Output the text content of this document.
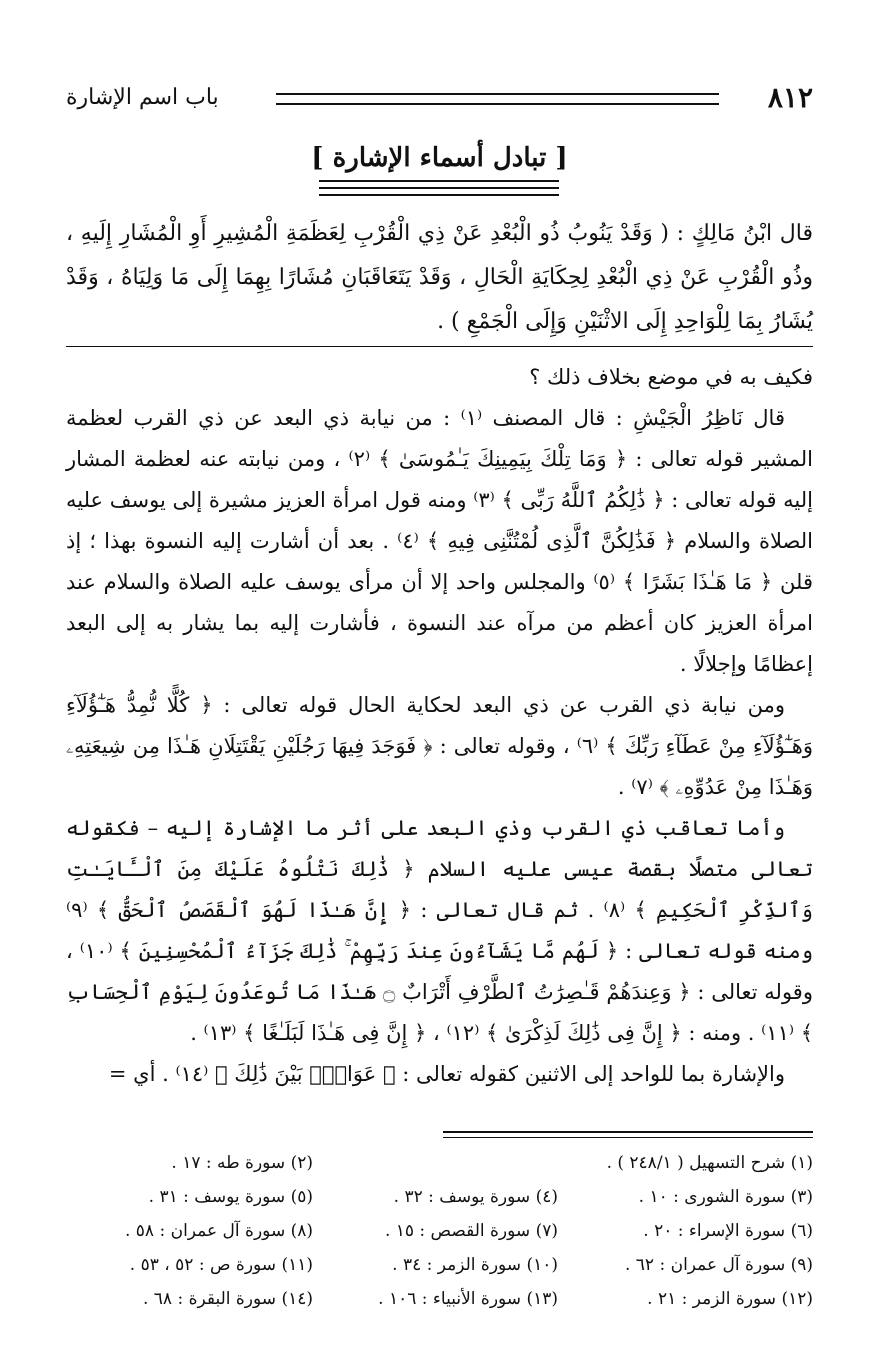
٨١٢
باب اسم الإشارة
[ تبادل أسماء الإشارة ]
قال ابْنُ مَالِكٍ : ( وَقَدْ يَنُوبُ ذُو الْبُعْدِ عَنْ ذِي الْقُرْبِ لِعَظَمَةِ الْمُشِيرِ أَوِ الْمُشَارِ إِلَيهِ ، وذُو الْقُرْبِ عَنْ ذِي الْبُعْدِ لِحِكَايَةِ الْحَالِ ، وَقَدْ يَتَعَاقَبَانِ مُشَارًا بِهِمَا إِلَى مَا وَلِيَاهُ ، وَقَدْ يُشَارُ بِمَا لِلْوَاحِدِ إِلَى الاثْنَيْنِ وَإِلَى الْجَمْعِ ) .

فكيف به في موضع بخلاف ذلك ؟

قال نَاظِرُ الْجَيْشِ : قال المصنف ⁽١⁾ : من نيابة ذي البعد عن ذي القرب لعظمة المشير قوله تعالى : ﴿ وَمَا تِلْكَ بِيَمِينِكَ يَـٰمُوسَىٰ ﴾ ⁽٢⁾ ، ومن نيابته عنه لعظمة المشار إليه قوله تعالى : ﴿ ذَٰلِكُمُ ٱللَّهُ رَبِّى ﴾ ⁽٣⁾ ومنه قول امرأة العزيز مشيرة إلى يوسف عليه الصلاة والسلام ﴿ فَذَٰلِكُنَّ ٱلَّذِى لُمْتُنَّنِى فِيهِ ﴾ ⁽٤⁾ . بعد أن أشارت إليه النسوة بهذا ؛ إذ قلن ﴿ مَا هَـٰذَا بَشَرًا ﴾ ⁽٥⁾ والمجلس واحد إلا أن مرأى يوسف عليه الصلاة والسلام عند امرأة العزيز كان أعظم من مرآه عند النسوة ، فأشارت إليه بما يشار به إلى البعد إعظامًا وإجلالًا .

ومن نيابة ذي القرب عن ذي البعد لحكاية الحال قوله تعالى : ﴿ كُلًّا نُّمِدُّ هَـٰٓؤُلَآءِ وَهَـٰٓؤُلَآءِ مِنْ عَطَآءِ رَبِّكَ ﴾ ⁽٦⁾ ، وقوله تعالى : ﴿ فَوَجَدَ فِيهَا رَجُلَيْنِ يَقْتَتِلَانِ هَـٰذَا مِن شِيعَتِهِۦ وَهَـٰذَا مِنْ عَدُوِّهِۦ ﴾ ⁽٧⁾ .

وأما تعاقب ذي القرب وذي البعد على أثر ما الإشارة إليه – فكقوله تعالى متصلًا بقصة عيسى عليه السلام ﴿ ذَٰلِكَ نَتْلُوهُ عَلَيْكَ مِنَ ٱلْـَٔايَـٰتِ وَٱلذِّكْرِ ٱلْحَكِيمِ ﴾ ⁽٨⁾ . ثم قال تعالى : ﴿ إِنَّ هَـٰذَا لَهُوَ ٱلْقَصَصُ ٱلْحَقُّ ﴾ ⁽٩⁾ ومنه قوله تعالى : ﴿ لَهُم مَّا يَشَآءُونَ عِندَ رَبِّهِمْ ۚ ذَٰلِكَ جَزَآءُ ٱلْمُحْسِنِينَ ﴾ ⁽١٠⁾ ، وقوله تعالى : ﴿ وَعِندَهُمْ قَـٰصِرَٰتُ ٱلطَّرْفِ أَتْرَابٌ ۝ هَـٰذَا مَا تُوعَدُونَ لِيَوْمِ ٱلْحِسَابِ ﴾ ⁽١١⁾ . ومنه : ﴿ إِنَّ فِى ذَٰلِكَ لَذِكْرَىٰ ﴾ ⁽١٢⁾ ، ﴿ إِنَّ فِى هَـٰذَا لَبَلَـٰغًا ﴾ ⁽١٣⁾ .

والإشارة بما للواحد إلى الاثنين كقوله تعالى : ﴿ عَوَانٌۢ بَيْنَ ذَٰلِكَ ﴾ ⁽١٤⁾ . أي =

(١) شرح التسهيل ( ٢٤٨/١ ) .
(٢) سورة طه : ١٧ .
(٣) سورة الشورى : ١٠ .
(٤) سورة يوسف : ٣٢ .
(٥) سورة يوسف : ٣١ .
(٦) سورة الإسراء : ٢٠ .
(٧) سورة القصص : ١٥ .
(٨) سورة آل عمران : ٥٨ .
(٩) سورة آل عمران : ٦٢ .
(١٠) سورة الزمر : ٣٤ .
(١١) سورة ص : ٥٢ ، ٥٣ .
(١٢) سورة الزمر : ٢١ .
(١٣) سورة الأنبياء : ١٠٦ .
(١٤) سورة البقرة : ٦٨ .
